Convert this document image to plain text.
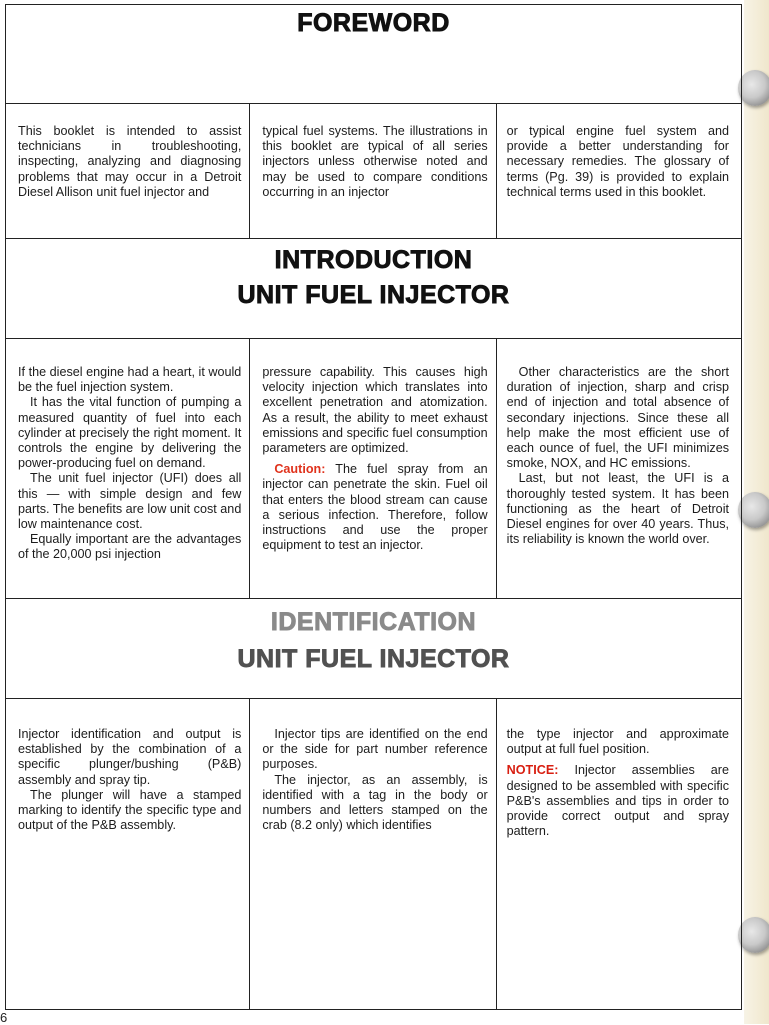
FOREWORD

This booklet is intended to assist technicians in troubleshooting, inspecting, analyzing and diagnosing problems that may occur in a Detroit Diesel Allison unit fuel injector and

typical fuel systems. The illustrations in this booklet are typical of all series injectors unless otherwise noted and may be used to compare conditions occurring in an injector

or typical engine fuel system and provide a better understanding for necessary remedies. The glossary of terms (Pg. 39) is provided to explain technical terms used in this booklet.

INTRODUCTION
UNIT FUEL INJECTOR

If the diesel engine had a heart, it would be the fuel injection system.

It has the vital function of pumping a measured quantity of fuel into each cylinder at precisely the right moment. It controls the engine by delivering the power-producing fuel on demand.

The unit fuel injector (UFI) does all this — with simple design and few parts. The benefits are low unit cost and low maintenance cost.

Equally important are the advantages of the 20,000 psi injection

pressure capability. This causes high velocity injection which translates into excellent penetration and atomization. As a result, the ability to meet exhaust emissions and specific fuel consumption parameters are optimized.

Caution: The fuel spray from an injector can penetrate the skin. Fuel oil that enters the blood stream can cause a serious infection. Therefore, follow instructions and use the proper equipment to test an injector.

Other characteristics are the short duration of injection, sharp and crisp end of injection and total absence of secondary injections. Since these all help make the most efficient use of each ounce of fuel, the UFI minimizes smoke, NOX, and HC emissions.

Last, but not least, the UFI is a thoroughly tested system. It has been functioning as the heart of Detroit Diesel engines for over 40 years. Thus, its reliability is known the world over.

IDENTIFICATION
UNIT FUEL INJECTOR

Injector identification and output is established by the combination of a specific plunger/bushing (P&B) assembly and spray tip.

The plunger will have a stamped marking to identify the specific type and output of the P&B assembly.

Injector tips are identified on the end or the side for part number reference purposes.

The injector, as an assembly, is identified with a tag in the body or numbers and letters stamped on the crab (8.2 only) which identifies

the type injector and approximate output at full fuel position.

NOTICE: Injector assemblies are designed to be assembled with specific P&B's assemblies and tips in order to provide correct output and spray pattern.

6
